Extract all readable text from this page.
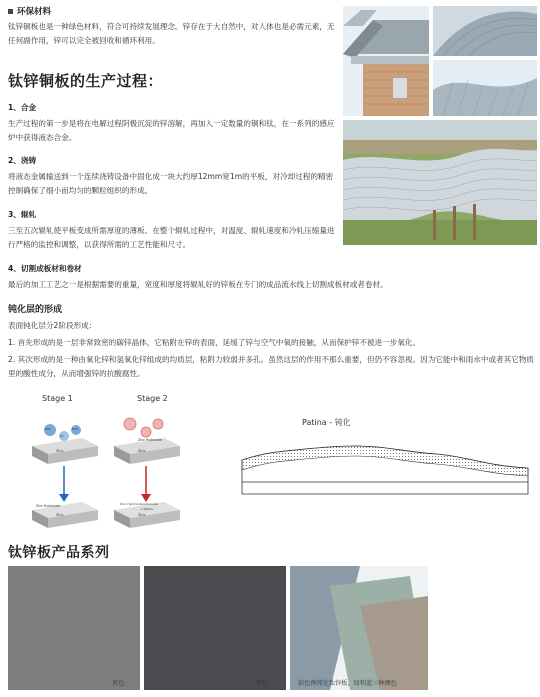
环保材料
钛锌铜板也是一种绿色材料，符合可持续发展理念。锌存在于大自然中，对人体也是必需元素，无任何副作用，锌可以完全被回收和循环利用。
钛锌铜板的生产过程：
1、合金
生产过程的第一步是将在电解过程阴极沉淀的锌溶解，再加入一定数量的铜和钛，在一系列的感应炉中获得液态合金。
2、浇铸
将液态金属输送到一个连续浇铸设备中固化成一块大约厚12mm宽1m的平板，对冷却过程的精密控制确保了细小而均匀的颗粒组织的形成。
3、辊轧
三至五次辊轧使平板变成所需厚度的薄板。在整个辊轧过程中，对温度、辊轧速度和冷轧压缩量进行严格的监控和调整，以获得所需的工艺性能和尺寸。
4、切割成板材和卷材
最后的加工工艺之一是根据需要的重量，宽度和厚度将辊轧好的锌板在专门的成品流水线上切割成板材或者卷材。
钝化层的形成
表面钝化层分2阶段形成：
1. 首先形成的是一层非常致密的碳锌晶体，它粘附在锌的表面，延缓了锌与空气中氧的接触，从而保护锌不被进一步氧化。
2. 其次形成的是一种由氧化锌和氢氧化锌组成的均质层，粘附力较弱并多孔。虽然这层的作用不那么重要，但仍不容忽视。因为它能中和雨水中或者其它物质里的酸性成分，从而增强锌的抗酸腐性。
Stage 1	Stage 2
Zinc
Zinc Hydroxide
Zinc
Zinc Hydroxide
Zinc
Zinc Hydroxidecarbonate
+ Patina
Zinc
CO₂
O₂
H₂O
Patina - 钝化
钛锌板产品系列
灰色	黑色	彩色预钝化钛锌板，绿和蓝三种颜色
